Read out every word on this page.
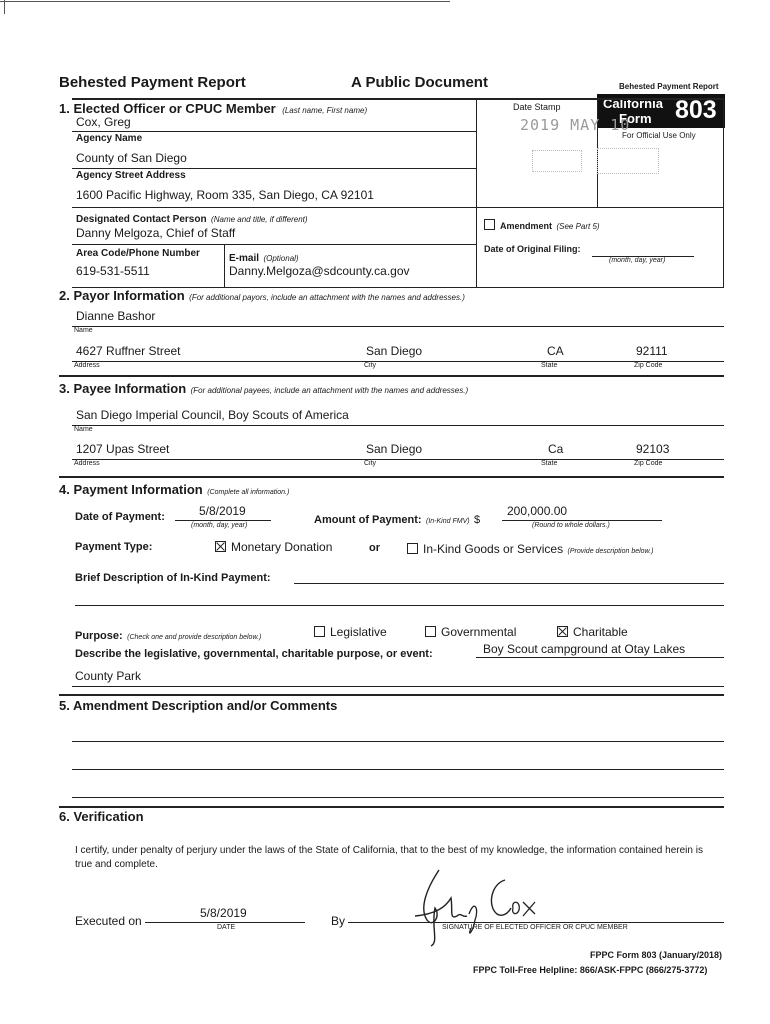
Behested Payment Report	A Public Document	Behested Payment Report
California
Form 803
For Official Use Only
1. Elected Officer or CPUC Member (Last name, First name)
Cox, Greg
Agency Name
County of San Diego
Agency Street Address
1600 Pacific Highway, Room 335, San Diego, CA 92101
Designated Contact Person (Name and title, if different)
Danny Melgoza, Chief of Staff
Area Code/Phone Number
619-531-5511
E-mail (Optional)
Danny.Melgoza@sdcounty.ca.gov
Date Stamp
2019 MAY 10
Amendment (See Part 5)
Date of Original Filing:
(month, day, year)
2. Payor Information (For additional payors, include an attachment with the names and addresses.)
Dianne Bashor
Name
4627 Ruffner Street	San Diego	CA	92111
Address	City	State	Zip Code
3. Payee Information (For additional payees, include an attachment with the names and addresses.)
San Diego Imperial Council, Boy Scouts of America
Name
1207 Upas Street	San Diego	Ca	92103
Address	City	State	Zip Code
4. Payment Information (Complete all information.)
Date of Payment:	5/8/2019
(month, day, year)	Amount of Payment: (In-Kind FMV) $
200,000.00
(Round to whole dollars.)
Payment Type:	Monetary Donation	or	In-Kind Goods or Services (Provide description below.)
Brief Description of In-Kind Payment:
Purpose: (Check one and provide description below.)	Legislative	Governmental	Charitable
Describe the legislative, governmental, charitable purpose, or event:	Boy Scout campground at Otay Lakes
County Park
5. Amendment Description and/or Comments
6. Verification
I certify, under penalty of perjury under the laws of the State of California, that to the best of my knowledge, the information contained herein is true and complete.
Executed on
5/8/2019
DATE	By	SIGNATURE OF ELECTED OFFICER OR CPUC MEMBER
FPPC Form 803 (January/2018)
FPPC Toll-Free Helpline: 866/ASK-FPPC (866/275-3772)
